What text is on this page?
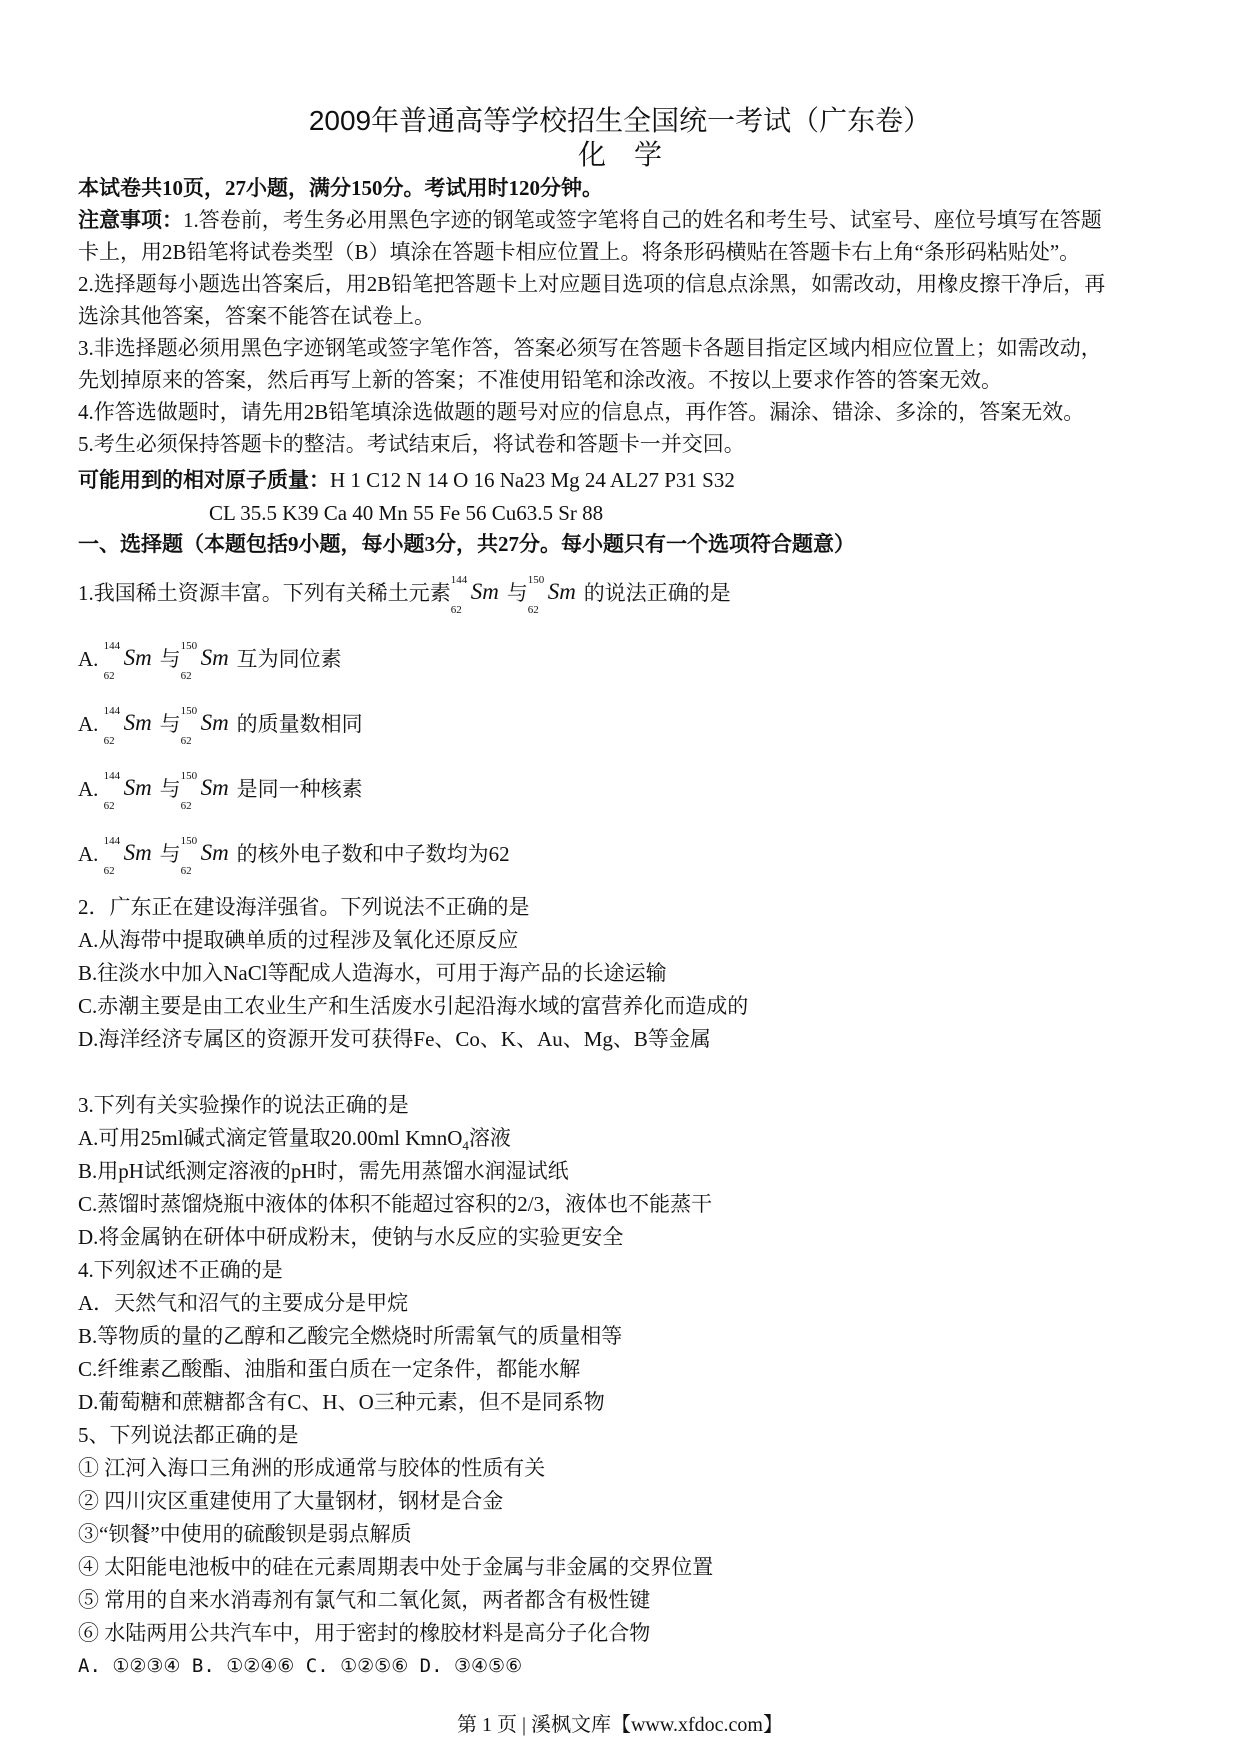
2009年普通高等学校招生全国统一考试（广东卷）
化　学
本试卷共10页，27小题，满分150分。考试用时120分钟。
注意事项：1.答卷前，考生务必用黑色字迹的钢笔或签字笔将自己的姓名和考生号、试室号、座位号填写在答题
卡上，用2B铅笔将试卷类型（B）填涂在答题卡相应位置上。将条形码横贴在答题卡右上角“条形码粘贴处”。
2.选择题每小题选出答案后，用2B铅笔把答题卡上对应题目选项的信息点涂黑，如需改动，用橡皮擦干净后，再
选涂其他答案，答案不能答在试卷上。
3.非选择题必须用黑色字迹钢笔或签字笔作答，答案必须写在答题卡各题目指定区域内相应位置上；如需改动，
先划掉原来的答案，然后再写上新的答案；不准使用铅笔和涂改液。不按以上要求作答的答案无效。
4.作答选做题时，请先用2B铅笔填涂选做题的题号对应的信息点，再作答。漏涂、错涂、多涂的，答案无效。
5.考生必须保持答题卡的整洁。考试结束后，将试卷和答题卡一并交回。
可能用到的相对原子质量：H 1 C12 N 14 O 16 Na23 Mg 24 AL27 P31 S32
CL 35.5 K39 Ca 40 Mn 55 Fe 56 Cu63.5 Sr 88
一、选择题（本题包括9小题，每小题3分，共27分。每小题只有一个选项符合题意）
1.我国稀土资源丰富。下列有关稀土元素
144
62
Sm 与
150
62
Sm 的说法正确的是
A.
144
62
Sm 与
150
62
Sm 互为同位素
A.
144
62
Sm 与
150
62
Sm 的质量数相同
A.
144
62
Sm 与
150
62
Sm 是同一种核素
A.
144
62
Sm 与
150
62
Sm 的核外电子数和中子数均为62
2．广东正在建设海洋强省。下列说法不正确的是
A.从海带中提取碘单质的过程涉及氧化还原反应
B.往淡水中加入NaCl等配成人造海水，可用于海产品的长途运输
C.赤潮主要是由工农业生产和生活废水引起沿海水域的富营养化而造成的
D.海洋经济专属区的资源开发可获得Fe、Co、K、Au、Mg、B等金属
3.下列有关实验操作的说法正确的是
A.可用25ml碱式滴定管量取20.00ml KmnO$_4$溶液
B.用pH试纸测定溶液的pH时，需先用蒸馏水润湿试纸
C.蒸馏时蒸馏烧瓶中液体的体积不能超过容积的2/3，液体也不能蒸干
D.将金属钠在研体中研成粉末，使钠与水反应的实验更安全
4.下列叙述不正确的是
A．天然气和沼气的主要成分是甲烷
B.等物质的量的乙醇和乙酸完全燃烧时所需氧气的质量相等
C.纤维素乙酸酯、油脂和蛋白质在一定条件，都能水解
D.葡萄糖和蔗糖都含有C、H、O三种元素，但不是同系物
5、下列说法都正确的是
① 江河入海口三角洲的形成通常与胶体的性质有关
② 四川灾区重建使用了大量钢材，钢材是合金
③“钡餐”中使用的硫酸钡是弱点解质
④ 太阳能电池板中的硅在元素周期表中处于金属与非金属的交界位置
⑤ 常用的自来水消毒剂有氯气和二氧化氮，两者都含有极性键
⑥ 水陆两用公共汽车中，用于密封的橡胶材料是高分子化合物
A. ①②③④ B. ①②④⑥ C. ①②⑤⑥ D. ③④⑤⑥
第 1 页 | 溪枫文库【www.xfdoc.com】
